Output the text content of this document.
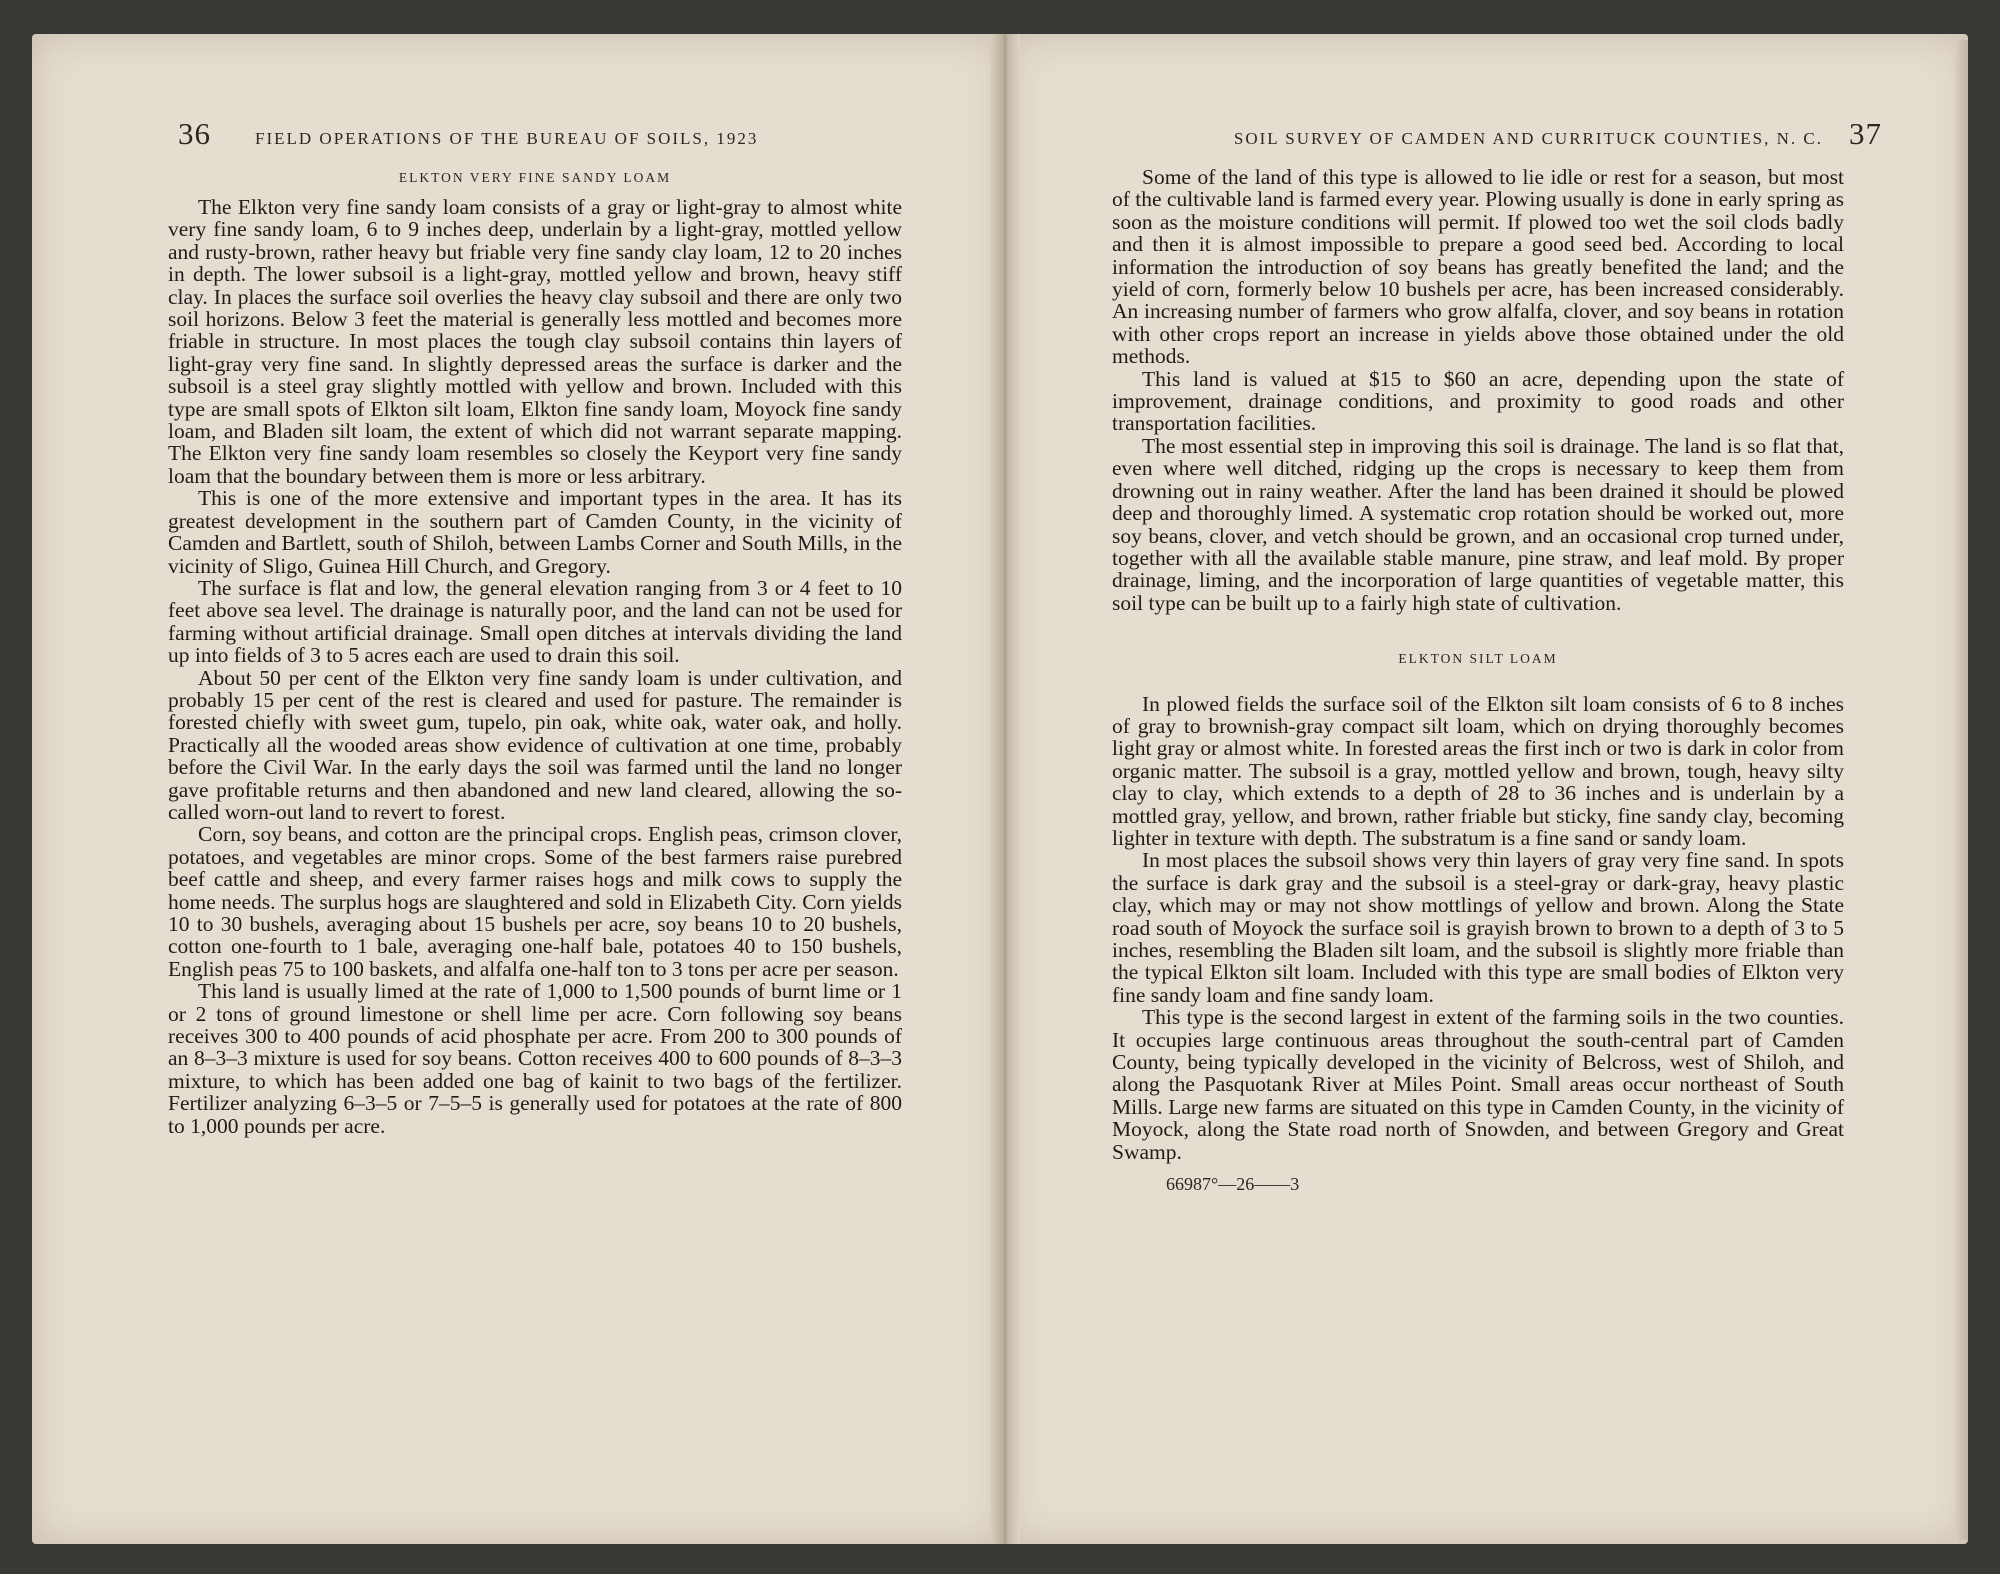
36	FIELD OPERATIONS OF THE BUREAU OF SOILS, 1923
ELKTON VERY FINE SANDY LOAM

The Elkton very fine sandy loam consists of a gray or light-gray to almost white very fine sandy loam, 6 to 9 inches deep, underlain by a light-gray, mottled yellow and rusty-brown, rather heavy but friable very fine sandy clay loam, 12 to 20 inches in depth. The lower subsoil is a light-gray, mottled yellow and brown, heavy stiff clay. In places the surface soil overlies the heavy clay subsoil and there are only two soil horizons. Below 3 feet the material is generally less mottled and becomes more friable in structure. In most places the tough clay subsoil contains thin layers of light-gray very fine sand. In slightly depressed areas the surface is darker and the subsoil is a steel gray slightly mottled with yellow and brown. Included with this type are small spots of Elkton silt loam, Elkton fine sandy loam, Moyock fine sandy loam, and Bladen silt loam, the extent of which did not warrant separate mapping. The Elkton very fine sandy loam resembles so closely the Keyport very fine sandy loam that the boundary between them is more or less arbitrary.

This is one of the more extensive and important types in the area. It has its greatest development in the southern part of Camden County, in the vicinity of Camden and Bartlett, south of Shiloh, between Lambs Corner and South Mills, in the vicinity of Sligo, Guinea Hill Church, and Gregory.

The surface is flat and low, the general elevation ranging from 3 or 4 feet to 10 feet above sea level. The drainage is naturally poor, and the land can not be used for farming without artificial drainage. Small open ditches at intervals dividing the land up into fields of 3 to 5 acres each are used to drain this soil.

About 50 per cent of the Elkton very fine sandy loam is under cultivation, and probably 15 per cent of the rest is cleared and used for pasture. The remainder is forested chiefly with sweet gum, tupelo, pin oak, white oak, water oak, and holly. Practically all the wooded areas show evidence of cultivation at one time, probably before the Civil War. In the early days the soil was farmed until the land no longer gave profitable returns and then abandoned and new land cleared, allowing the so-called worn-out land to revert to forest.

Corn, soy beans, and cotton are the principal crops. English peas, crimson clover, potatoes, and vegetables are minor crops. Some of the best farmers raise purebred beef cattle and sheep, and every farmer raises hogs and milk cows to supply the home needs. The surplus hogs are slaughtered and sold in Elizabeth City. Corn yields 10 to 30 bushels, averaging about 15 bushels per acre, soy beans 10 to 20 bushels, cotton one-fourth to 1 bale, averaging one-half bale, potatoes 40 to 150 bushels, English peas 75 to 100 baskets, and alfalfa one-half ton to 3 tons per acre per season.

This land is usually limed at the rate of 1,000 to 1,500 pounds of burnt lime or 1 or 2 tons of ground limestone or shell lime per acre. Corn following soy beans receives 300 to 400 pounds of acid phosphate per acre. From 200 to 300 pounds of an 8–3–3 mixture is used for soy beans. Cotton receives 400 to 600 pounds of 8–3–3 mixture, to which has been added one bag of kainit to two bags of the fertilizer. Fertilizer analyzing 6–3–5 or 7–5–5 is generally used for potatoes at the rate of 800 to 1,000 pounds per acre.

SOIL SURVEY OF CAMDEN AND CURRITUCK COUNTIES, N. C. 37

Some of the land of this type is allowed to lie idle or rest for a season, but most of the cultivable land is farmed every year. Plowing usually is done in early spring as soon as the moisture conditions will permit. If plowed too wet the soil clods badly and then it is almost impossible to prepare a good seed bed. According to local information the introduction of soy beans has greatly benefited the land; and the yield of corn, formerly below 10 bushels per acre, has been increased considerably. An increasing number of farmers who grow alfalfa, clover, and soy beans in rotation with other crops report an increase in yields above those obtained under the old methods.

This land is valued at $15 to $60 an acre, depending upon the state of improvement, drainage conditions, and proximity to good roads and other transportation facilities.

The most essential step in improving this soil is drainage. The land is so flat that, even where well ditched, ridging up the crops is necessary to keep them from drowning out in rainy weather. After the land has been drained it should be plowed deep and thoroughly limed. A systematic crop rotation should be worked out, more soy beans, clover, and vetch should be grown, and an occasional crop turned under, together with all the available stable manure, pine straw, and leaf mold. By proper drainage, liming, and the incorporation of large quantities of vegetable matter, this soil type can be built up to a fairly high state of cultivation.

ELKTON SILT LOAM

In plowed fields the surface soil of the Elkton silt loam consists of 6 to 8 inches of gray to brownish-gray compact silt loam, which on drying thoroughly becomes light gray or almost white. In forested areas the first inch or two is dark in color from organic matter. The subsoil is a gray, mottled yellow and brown, tough, heavy silty clay to clay, which extends to a depth of 28 to 36 inches and is underlain by a mottled gray, yellow, and brown, rather friable but sticky, fine sandy clay, becoming lighter in texture with depth. The substratum is a fine sand or sandy loam.

In most places the subsoil shows very thin layers of gray very fine sand. In spots the surface is dark gray and the subsoil is a steel-gray or dark-gray, heavy plastic clay, which may or may not show mottlings of yellow and brown. Along the State road south of Moyock the surface soil is grayish brown to brown to a depth of 3 to 5 inches, resembling the Bladen silt loam, and the subsoil is slightly more friable than the typical Elkton silt loam. Included with this type are small bodies of Elkton very fine sandy loam and fine sandy loam.

This type is the second largest in extent of the farming soils in the two counties. It occupies large continuous areas throughout the south-central part of Camden County, being typically developed in the vicinity of Belcross, west of Shiloh, and along the Pasquotank River at Miles Point. Small areas occur northeast of South Mills. Large new farms are situated on this type in Camden County, in the vicinity of Moyock, along the State road north of Snowden, and between Gregory and Great Swamp.

66987°—26——3
